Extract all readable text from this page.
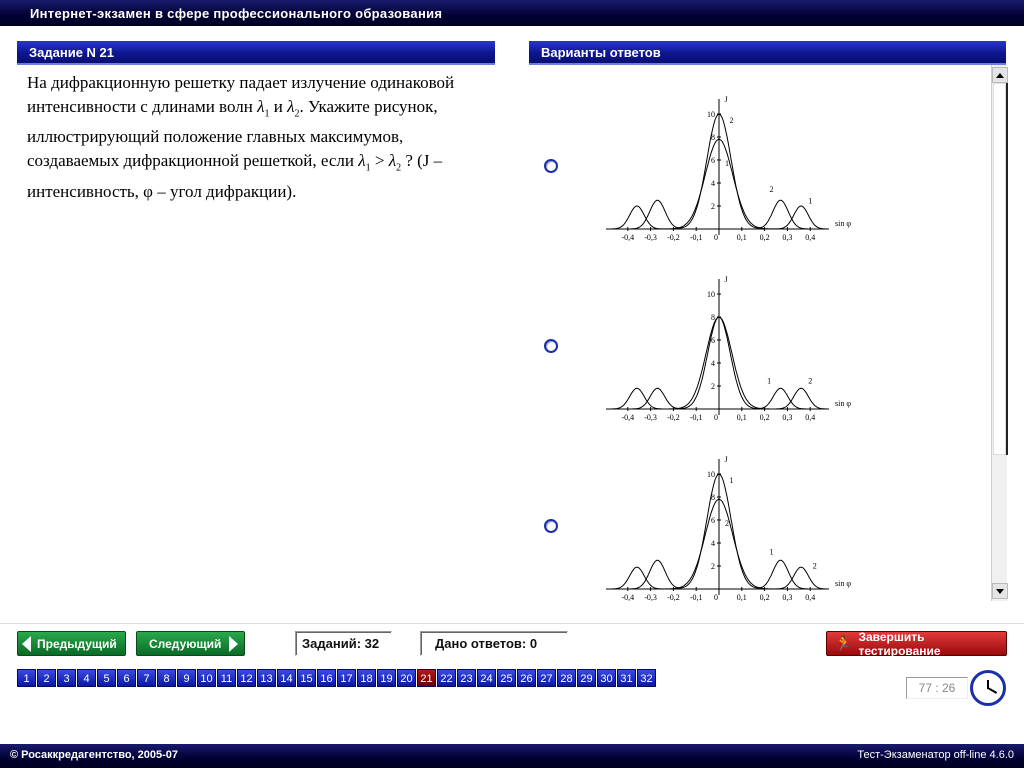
Интернет-экзамен в сфере профессионального образования
Задание N 21
На дифракционную решетку падает излучение одинаковой интенсивности с длинами волн $\lambda_1$ и $\lambda_2$. Укажите рисунок, иллюстрирующий положение главных максимумов, создаваемых дифракционной решеткой, если $\lambda_1 > \lambda_2$ ? (J – интенсивность, φ – угол дифракции).
Варианты ответов
J
sin φ
-0,4 -0,3 -0,2 -0,1 0 0,1 0,2 0,3 0,4
2
4
6
8
10
2
1
2
1
J
sin φ
-0,4 -0,3 -0,2 -0,1 0 0,1 0,2 0,3 0,4
2
4
6
8
10
1	2
J
sin φ
-0,4 -0,3 -0,2 -0,1 0 0,1 0,2 0,3 0,4
2
4
6
8
10
1
2
1
2
Предыдущий	Следующий	Заданий: 32	Дано ответов: 0	🏃 Завершить тестирование
1	2	3	4	5	6	7	8	9 10 11 12 13 14 15 16 17 18 19 20 21 22 23 24 25 26 27 28 29 30 31 32
77 : 26
© Росаккредагентство, 2005-07	Тест-Экзаменатор off-line 4.6.0
